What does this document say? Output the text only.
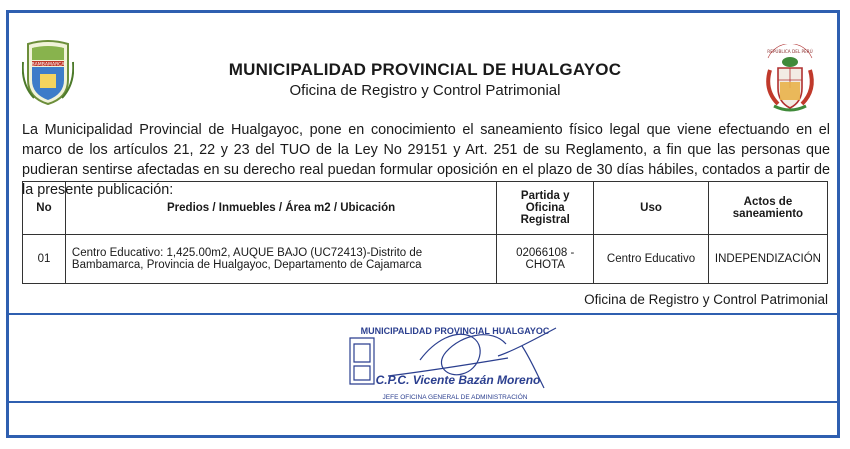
BAMBAMARCA
REPÚBLICA DEL PERÚ
MUNICIPALIDAD PROVINCIAL DE HUALGAYOC
Oficina de Registro y Control Patrimonial
La Municipalidad Provincial de Hualgayoc, pone en conocimiento el saneamiento físico legal que viene efectuando en el marco de los artículos 21, 22 y 23 del TUO de la Ley No 29151 y Art. 251 de su Reglamento, a fin que las personas que pudieran sentirse afectadas en su derecho real puedan formular oposición en el plazo de 30 días hábiles, contados a partir de la presente publicación:
No	Predios / Inmuebles / Área m2 / Ubicación	Partida y Oficina Registral	Uso	Actos de saneamiento
01	Centro Educativo: 1,425.00m2, AUQUE BAJO (UC72413)-Distrito de Bambamarca, Provincia de Hualgayoc, Departamento de Cajamarca	02066108 - CHOTA	Centro Educativo	INDEPENDIZACIÓN
Oficina de Registro y Control Patrimonial
MUNICIPALIDAD PROVINCIAL HUALGAYOC
C.P.C. Vicente Bazán Moreno
JEFE OFICINA GENERAL DE ADMINISTRACIÓN
